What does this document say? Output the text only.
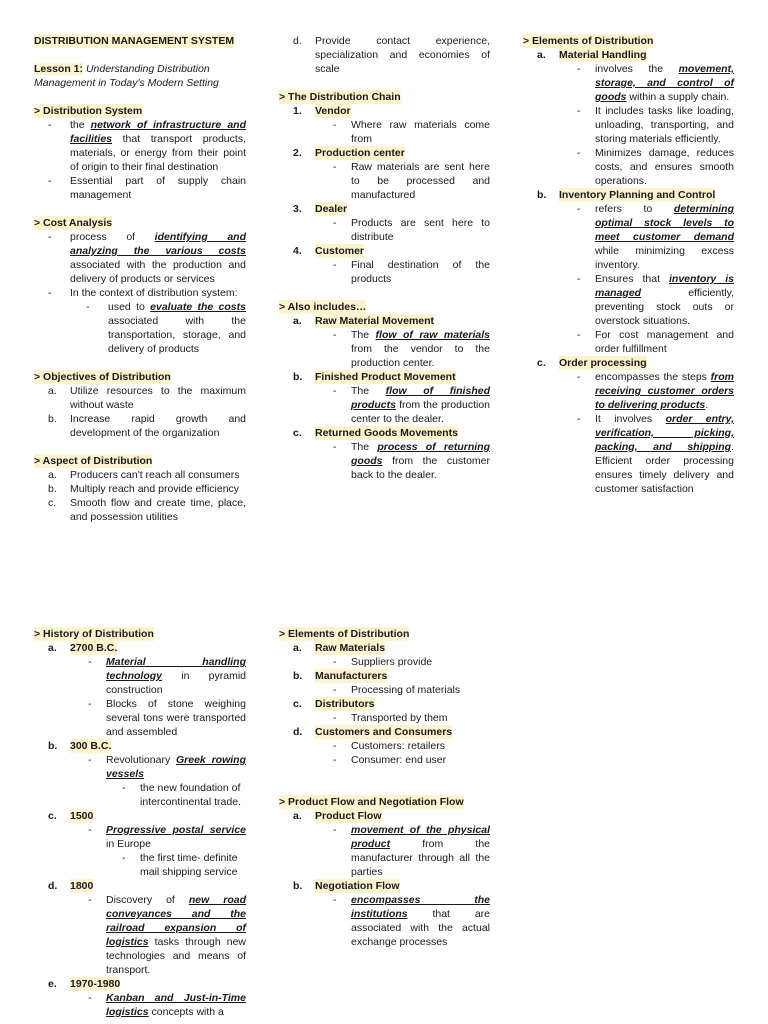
DISTRIBUTION MANAGEMENT SYSTEM
Lesson 1: Understanding Distribution Management in Today's Modern Setting
> Distribution System
-	the network of infrastructure and facilities that transport products, materials, or energy from their point of origin to their final destination
-	Essential part of supply chain management
> Cost Analysis
-	process of identifying and analyzing the various costs associated with the production and delivery of products or services
-	In the context of distribution system:
-	used to evaluate the costs associated with the transportation, storage, and delivery of products
> Objectives of Distribution
a.	Utilize resources to the maximum without waste
b.	Increase rapid growth and development of the organization
> Aspect of Distribution
a.	Producers can't reach all consumers
b.	Multiply reach and provide efficiency
c.	Smooth flow and create time, place, and possession utilities
d.	Provide contact experience, specialization and economies of scale
> The Distribution Chain
1.	Vendor
-	Where raw materials come from
2.	Production center
-	Raw materials are sent here to be processed and manufactured
3.	Dealer
-	Products are sent here to distribute
4.	Customer
-	Final destination of the products
> Also includes…
a.	Raw Material Movement
-	The flow of raw materials from the vendor to the production center.
b.	Finished Product Movement
-	The flow of finished products from the production center to the dealer.
c.	Returned Goods Movements
-	The process of returning goods from the customer back to the dealer.
> Elements of Distribution
a.	Material Handling
-	involves the movement, storage, and control of goods within a supply chain.
-	It includes tasks like loading, unloading, transporting, and storing materials efficiently.
-	Minimizes damage, reduces costs, and ensures smooth operations.
b.	Inventory Planning and Control
-	refers to determining optimal stock levels to meet customer demand while minimizing excess inventory.
-	Ensures that inventory is managed efficiently, preventing stock outs or overstock situations.
-	For cost management and order fulfillment
c.	Order processing
-	encompasses the steps from receiving customer orders to delivering products.
-	It involves order entry, verification, picking, packing, and shipping. Efficient order processing ensures timely delivery and customer satisfaction
> History of Distribution
a.	2700 B.C.
-	Material handling technology in pyramid construction
-	Blocks of stone weighing several tons were transported and assembled
b.	300 B.C.
-	Revolutionary Greek rowing vessels
-	the new foundation of intercontinental trade.
c.	1500
-	Progressive postal service in Europe
-	the first time- definite mail shipping service
d.	1800
-	Discovery of new road conveyances and the railroad expansion of logistics tasks through new technologies and means of transport.
e.	1970-1980
-	Kanban and Just-in-Time logistics concepts with a
> Elements of Distribution
a.	Raw Materials
-	Suppliers provide
b.	Manufacturers
-	Processing of materials
c.	Distributors
-	Transported by them
d.	Customers and Consumers
-	Customers: retailers
-	Consumer: end user
> Product Flow and Negotiation Flow
a.	Product Flow
-	movement of the physical product from the manufacturer through all the parties
b.	Negotiation Flow
-	encompasses the institutions that are associated with the actual exchange processes
